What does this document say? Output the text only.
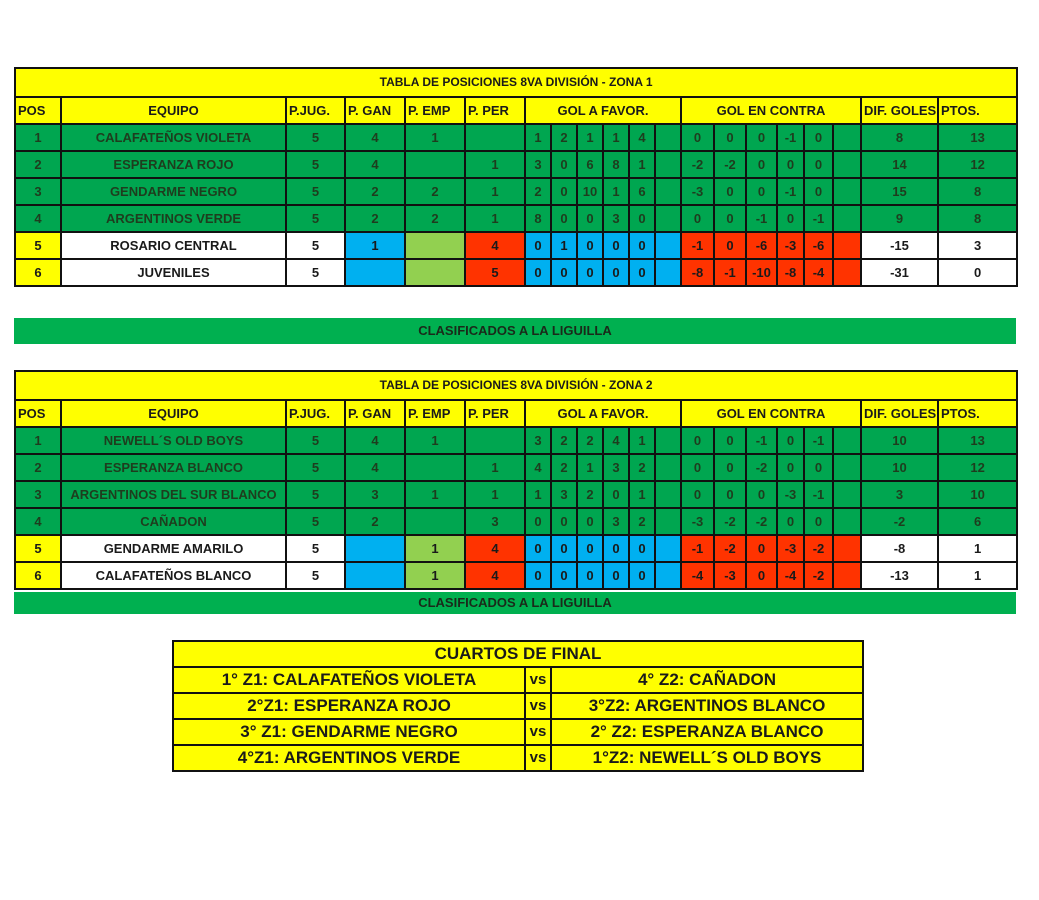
TABLA DE POSICIONES 8VA DIVISIÓN - ZONA 1																			
POS	EQUIPO	P.JUG.	P. GAN	P. EMP	P. PER	GOL A FAVOR.						GOL EN CONTRA						DIF. GOLES	PTOS.
1	CALAFATEÑOS VIOLETA	5	4	1		1	2	1	1	4		0	0	0	-1	0		8	13
2	ESPERANZA ROJO	5	4		1	3	0	6	8	1		-2	-2	0	0	0		14	12
3	GENDARME NEGRO	5	2	2	1	2	0	10	1	6		-3	0	0	-1	0		15	8
4	ARGENTINOS VERDE	5	2	2	1	8	0	0	3	0		0	0	-1	0	-1		9	8
5	ROSARIO CENTRAL	5	1		4	0	1	0	0	0		-1	0	-6	-3	-6		-15	3
6	JUVENILES	5			5	0	0	0	0	0		-8	-1	-10	-8	-4		-31	0
CLASIFICADOS A LA LIGUILLA
TABLA DE POSICIONES 8VA DIVISIÓN - ZONA 2																			
POS	EQUIPO	P.JUG.	P. GAN	P. EMP	P. PER	GOL A FAVOR.						GOL EN CONTRA						DIF. GOLES	PTOS.
1	NEWELL´S OLD BOYS	5	4	1		3	2	2	4	1		0	0	-1	0	-1		10	13
2	ESPERANZA BLANCO	5	4		1	4	2	1	3	2		0	0	-2	0	0		10	12
3	ARGENTINOS DEL SUR BLANCO	5	3	1	1	1	3	2	0	1		0	0	0	-3	-1		3	10
4	CAÑADON	5	2		3	0	0	0	3	2		-3	-2	-2	0	0		-2	6
5	GENDARME AMARILO	5		1	4	0	0	0	0	0		-1	-2	0	-3	-2		-8	1
6	CALAFATEÑOS BLANCO	5		1	4	0	0	0	0	0		-4	-3	0	-4	-2		-13	1
CLASIFICADOS A LA LIGUILLA
CUARTOS DE FINAL		
1° Z1: CALAFATEÑOS VIOLETA	vs	4° Z2: CAÑADON
2°Z1: ESPERANZA ROJO	vs	3°Z2: ARGENTINOS BLANCO
3° Z1: GENDARME NEGRO	vs	2° Z2: ESPERANZA BLANCO
4°Z1: ARGENTINOS VERDE	vs	1°Z2: NEWELL´S OLD BOYS
